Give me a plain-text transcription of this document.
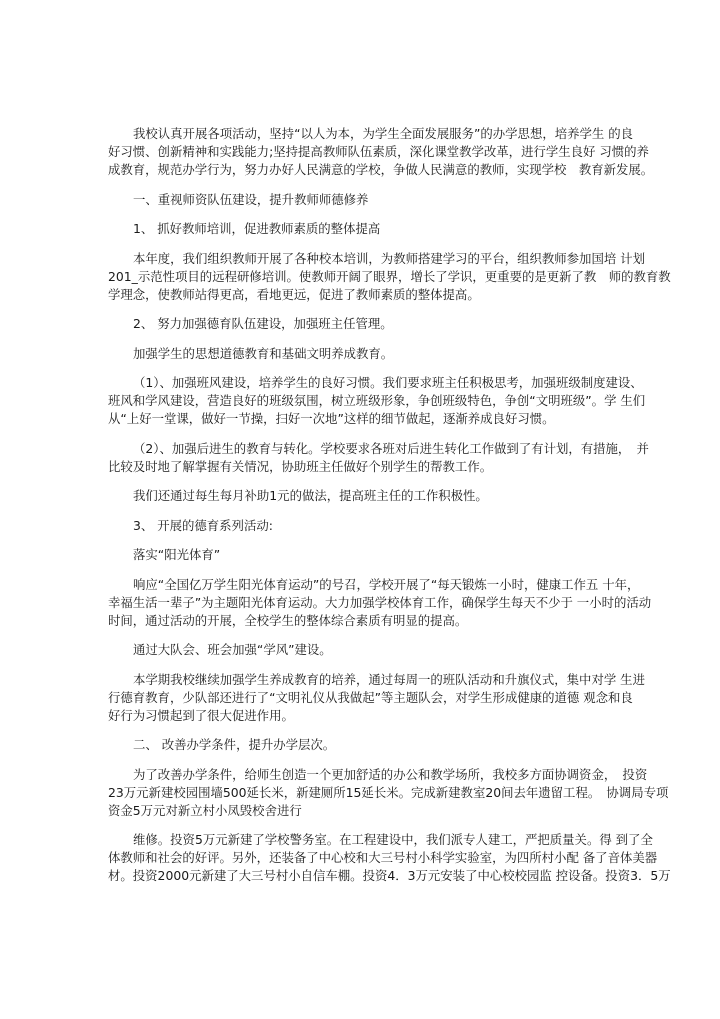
我校认真开展各项活动，坚持“以人为本，为学生全面发展服务”的办学思想，培养学生 的良
好习惯、创新精神和实践能力;坚持提高教师队伍素质，深化课堂教学改革，进行学生良好 习惯的养
成教育，规范办学行为，努力办好人民满意的学校，争做人民满意的教师，实现学校　教育新发展。
一、重视师资队伍建设，提升教师师德修养
1、 抓好教师培训，促进教师素质的整体提高
本年度，我们组织教师开展了各种校本培训，为教师搭建学习的平台，组织教师参加国培 计划
201_示范性项目的远程研修培训。使教师开阔了眼界，增长了学识，更重要的是更新了教　师的教育教
学理念，使教师站得更高，看地更远，促进了教师素质的整体提高。
2、 努力加强德育队伍建设，加强班主任管理。
加强学生的思想道德教育和基础文明养成教育。
（1）、加强班风建设，培养学生的良好习惯。我们要求班主任积极思考，加强班级制度建设、
班风和学风建设，营造良好的班级氛围，树立班级形象，争创班级特色，争创“文明班级”。学 生们
从“上好一堂课，做好一节操，扫好一次地”这样的细节做起，逐渐养成良好习惯。
（2）、加强后进生的教育与转化。学校要求各班对后进生转化工作做到了有计划，有措施，　并
比较及时地了解掌握有关情况，协助班主任做好个别学生的帮教工作。
我们还通过每生每月补助1元的做法，提高班主任的工作积极性。
3、 开展的德育系列活动:
落实“阳光体育”
响应“全国亿万学生阳光体育运动”的号召，学校开展了“每天锻炼一小时，健康工作五 十年，
幸福生活一辈子”为主题阳光体育运动。大力加强学校体育工作，确保学生每天不少于 一小时的活动
时间，通过活动的开展，全校学生的整体综合素质有明显的提高。
通过大队会、班会加强“学风”建设。
本学期我校继续加强学生养成教育的培养，通过每周一的班队活动和升旗仪式，集中对学 生进
行德育教育，少队部还进行了“文明礼仪从我做起”等主题队会，对学生形成健康的道德 观念和良
好行为习惯起到了很大促进作用。
二、 改善办学条件，提升办学层次。
为了改善办学条件，给师生创造一个更加舒适的办公和教学场所，我校多方面协调资金，　投资
23万元新建校园围墙500延长米，新建厕所15延长米。完成新建教室20间去年遗留工程。　协调局专项
资金5万元对新立村小凤毁校舍进行
维修。投资5万元新建了学校警务室。在工程建设中，我们派专人建工，严把质量关。得 到了全
体教师和社会的好评。另外，还装备了中心校和大三号村小科学实验室，为四所村小配 备了音体美器
材。投资2000元新建了大三号村小自信车棚。投资4．3万元安装了中心校校园监 控设备。投资3．5万
